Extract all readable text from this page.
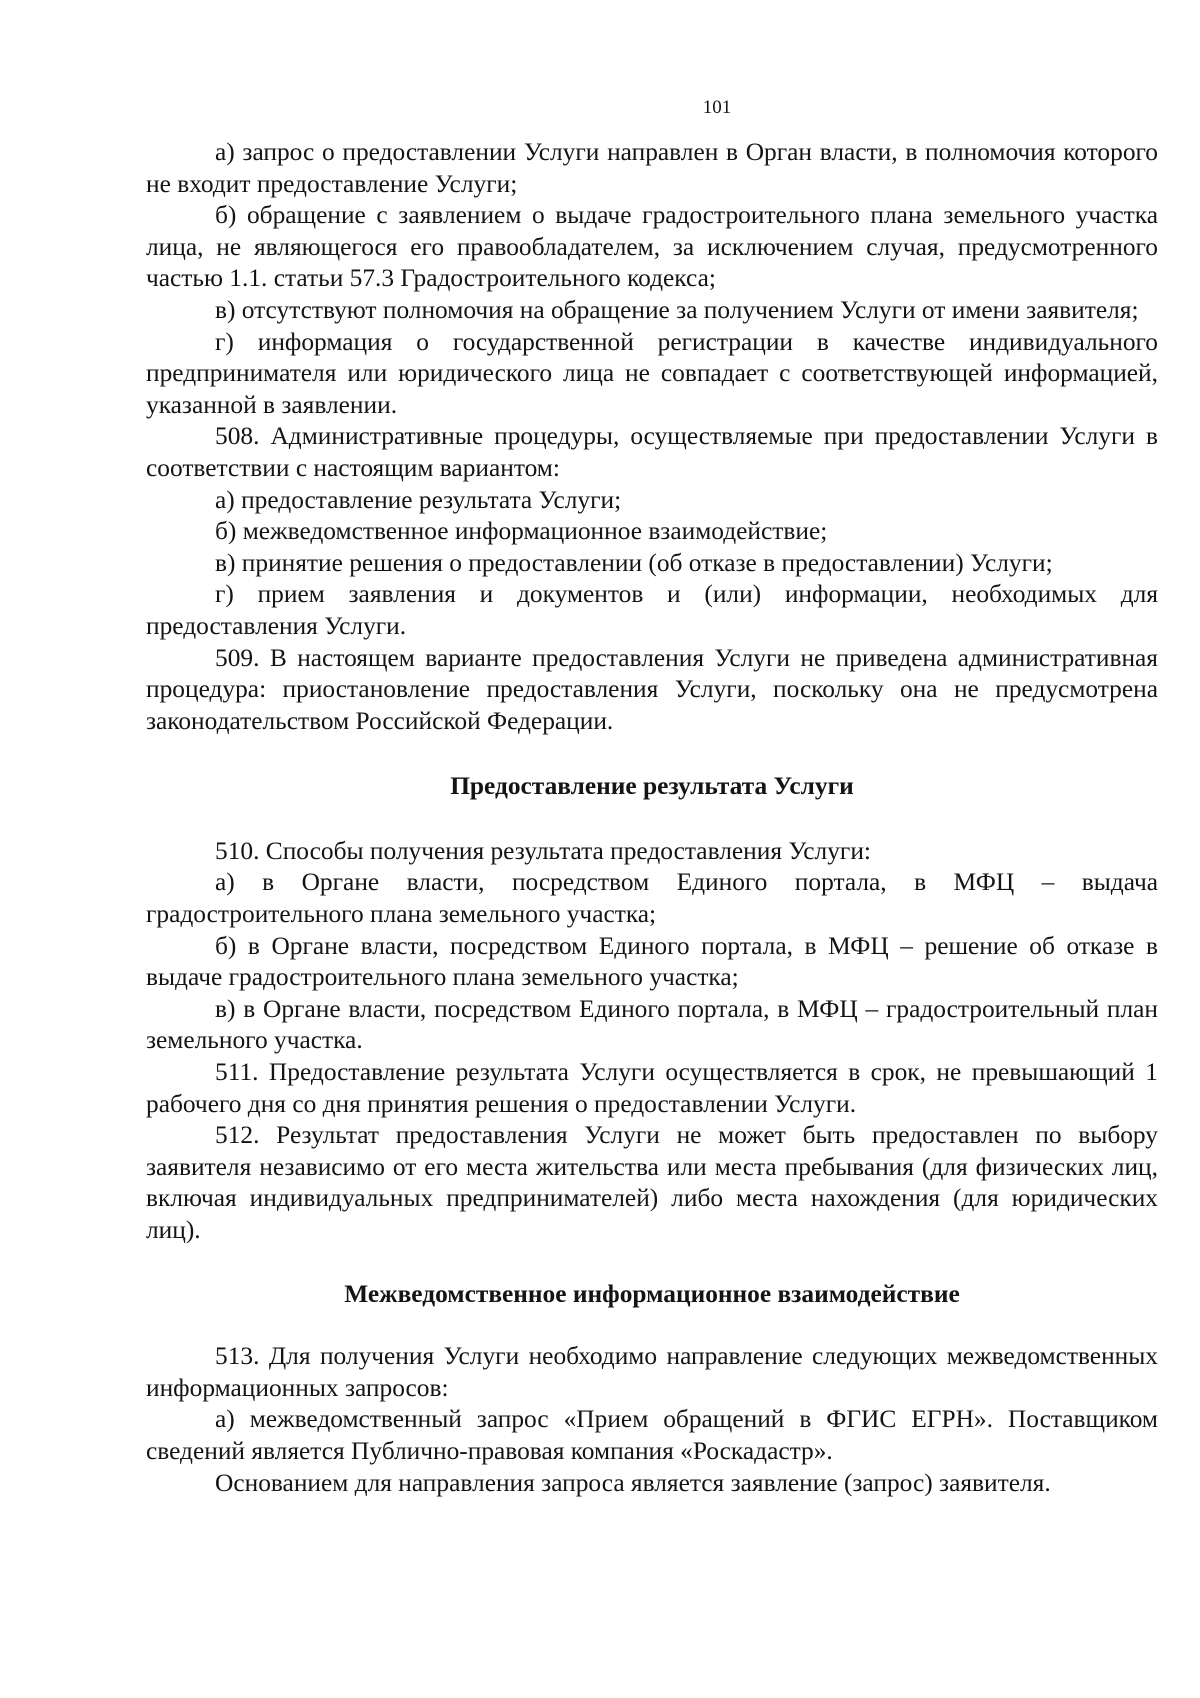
101

а) запрос о предоставлении Услуги направлен в Орган власти, в полномочия которого не входит предоставление Услуги;

б) обращение с заявлением о выдаче градостроительного плана земельного участка лица, не являющегося его правообладателем, за исключением случая, предусмотренного частью 1.1. статьи 57.3 Градостроительного кодекса;

в) отсутствуют полномочия на обращение за получением Услуги от имени заявителя;

г) информация о государственной регистрации в качестве индивидуального предпринимателя или юридического лица не совпадает с соответствующей информацией, указанной в заявлении.

508. Административные процедуры, осуществляемые при предоставлении Услуги в соответствии с настоящим вариантом:

а) предоставление результата Услуги;

б) межведомственное информационное взаимодействие;

в) принятие решения о предоставлении (об отказе в предоставлении) Услуги;

г) прием заявления и документов и (или) информации, необходимых для предоставления Услуги.

509. В настоящем варианте предоставления Услуги не приведена административная процедура: приостановление предоставления Услуги, поскольку она не предусмотрена законодательством Российской Федерации.

Предоставление результата Услуги

510. Способы получения результата предоставления Услуги:

а) в Органе власти, посредством Единого портала, в МФЦ – выдача градостроительного плана земельного участка;

б) в Органе власти, посредством Единого портала, в МФЦ – решение об отказе в выдаче градостроительного плана земельного участка;

в) в Органе власти, посредством Единого портала, в МФЦ – градостроительный план земельного участка.

511. Предоставление результата Услуги осуществляется в срок, не превышающий 1 рабочего дня со дня принятия решения о предоставлении Услуги.

512. Результат предоставления Услуги не может быть предоставлен по выбору заявителя независимо от его места жительства или места пребывания (для физических лиц, включая индивидуальных предпринимателей) либо места нахождения (для юридических лиц).

Межведомственное информационное взаимодействие

513. Для получения Услуги необходимо направление следующих межведомственных информационных запросов:

а) межведомственный запрос «Прием обращений в ФГИС ЕГРН». Поставщиком сведений является Публично-правовая компания «Роскадастр».

Основанием для направления запроса является заявление (запрос) заявителя.
